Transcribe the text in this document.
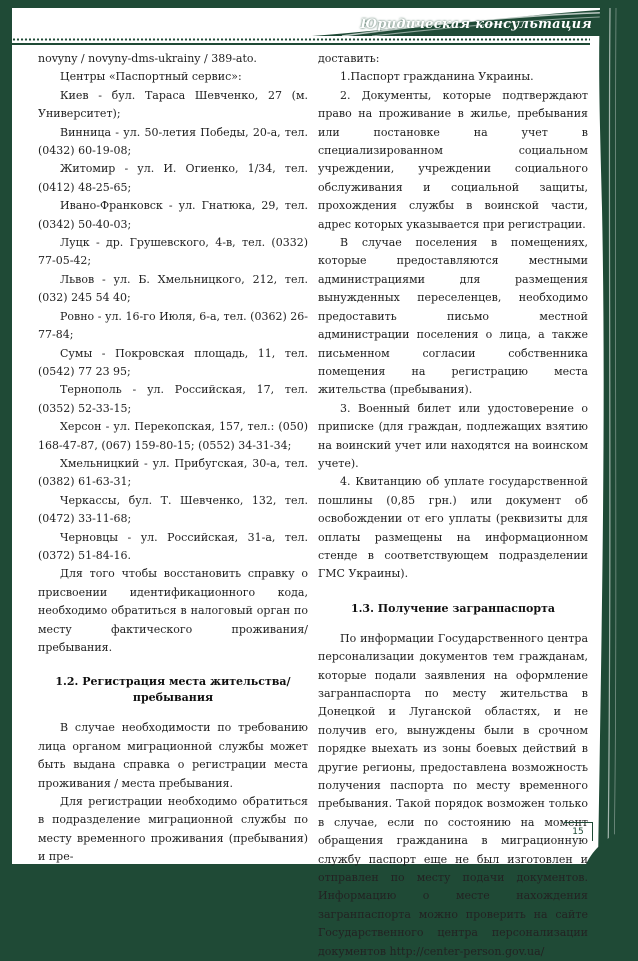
Юридическая консультация

novyny / novyny-dms-ukrainy / 389-ato.

Центры «Паспортный сервис»:

Киев - бул. Тараса Шевченко, 27 (м. Университет);

Винница - ул. 50-летия Победы, 20-а, тел. (0432) 60-19-08;

Житомир - ул. И. Огиенко, 1/34, тел. (0412) 48-25-65;

Ивано-Франковск - ул. Гнатюка, 29, тел. (0342) 50-40-03;

Луцк - др. Грушевского, 4-в, тел. (0332) 77-05-42;

Львов - ул. Б. Хмельницкого, 212, тел. (032) 245 54 40;

Ровно - ул. 16-го Июля, 6-а, тел. (0362) 26-77-84;

Сумы - Покровская площадь, 11, тел. (0542) 77 23 95;

Тернополь - ул. Российская, 17, тел. (0352) 52-33-15;

Херсон - ул. Перекопская, 157, тел.: (050) 168-47-87, (067) 159-80-15; (0552) 34-31-34;

Хмельницкий - ул. Прибугская, 30-а, тел. (0382) 61-63-31;

Черкассы, бул. Т. Шевченко, 132, тел. (0472) 33-11-68;

Черновцы - ул. Российская, 31-а, тел. (0372) 51-84-16.

Для того чтобы восстановить справку о присвоении идентификационного кода, необходимо обратиться в налоговый орган по месту фактического проживания/пребывания.

1.2. Регистрация места жительства/пребывания

В случае необходимости по требованию лица органом миграционной службы может быть выдана справка о регистрации места проживания / места пребывания.

Для регистрации необходимо обратиться в подразделение миграционной службы по месту временного проживания (пребывания) и пре-

доставить:

1.Паспорт гражданина Украины.

2. Документы, которые подтверждают право на проживание в жилье, пребывания или постановке на учет в специализированном социальном учреждении, учреждении социального обслуживания и социальной защиты, прохождения службы в воинской части, адрес которых указывается при регистрации.

В случае поселения в помещениях, которые предоставляются местными администрациями для размещения вынужденных переселенцев, необходимо предоставить письмо местной администрации поселения о лица, а также письменном согласии собственника помещения на регистрацию места жительства (пребывания).

3. Военный билет или удостоверение о приписке (для граждан, подлежащих взятию на воинский учет или находятся на воинском учете).

4. Квитанцию об уплате государственной пошлины (0,85 грн.) или документ об освобождении от его уплаты (реквизиты для оплаты размещены на информационном стенде в соответствующем подразделении ГМС Украины).

1.3. Получение загранпаспорта

По информации Государственного центра персонализации документов тем гражданам, которые подали заявления на оформление загранпаспорта по месту жительства в Донецкой и Луганской областях, и не получив его, вынуждены были в срочном порядке выехать из зоны боевых действий в другие регионы, предоставлена возможность получения паспорта по месту временного пребывания. Такой порядок возможен только в случае, если по состоянию на момент обращения гражданина в миграционную службу паспорт еще не был изготовлен и отправлен по месту подачи документов. Информацию о месте нахождения загранпаспорта можно проверить на сайте Государственного центра персонализации документов http://center-person.gov.ua/

15
